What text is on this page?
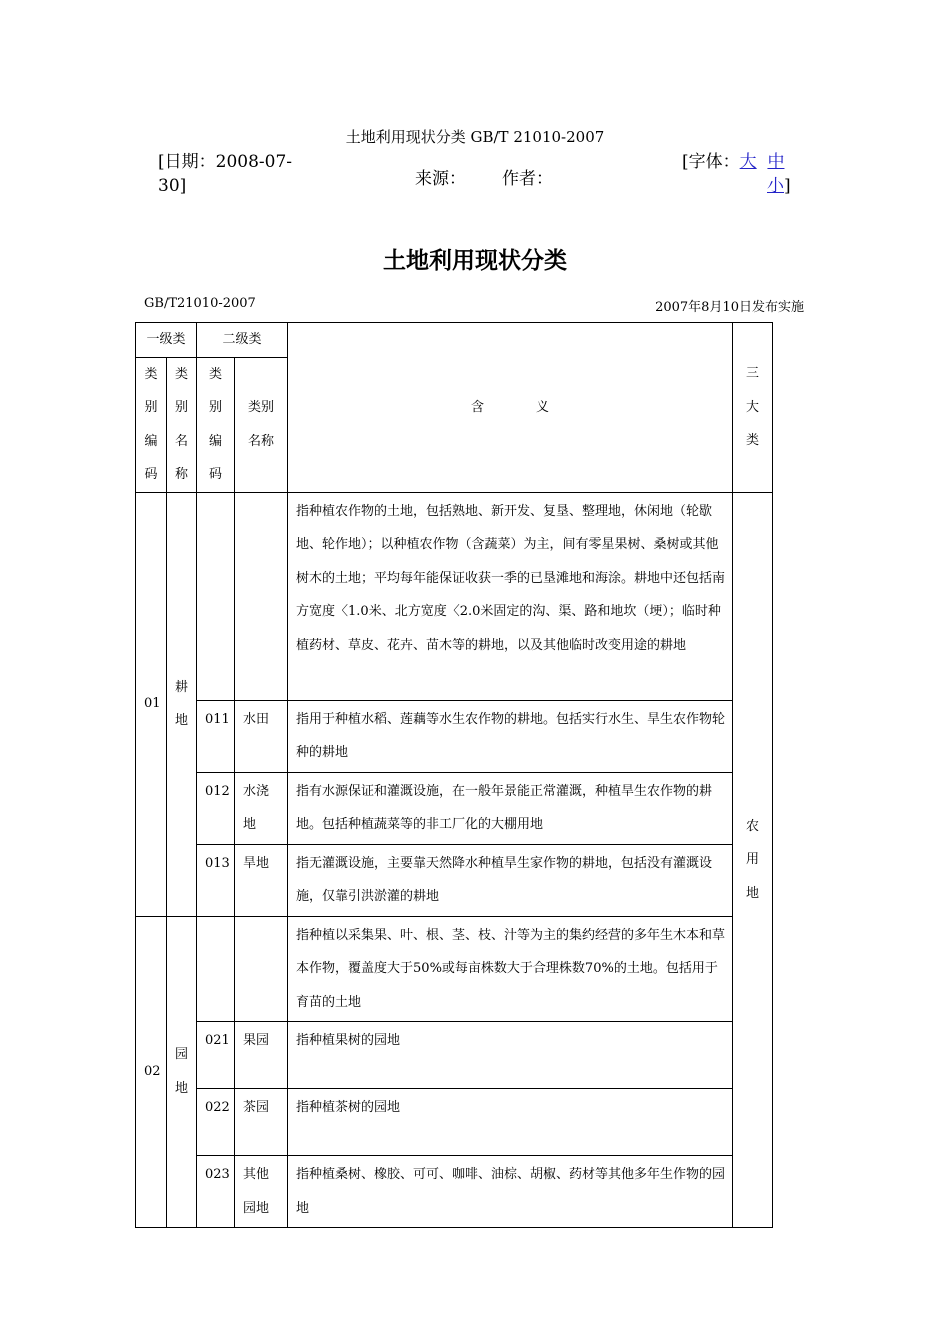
土地利用现状分类 GB/T 21010-2007
[日期：2008-07-
30]	来源： 作者：
[字体：大 中
小]
土地利用现状分类
GB/T21010-2007	2007年8月10日发布实施
一级类		二级类		含　　　　义	三大类
类别编码	类别名称	类别编码	类别名称		
01	耕地			指种植农作物的土地，包括熟地、新开发、复垦、整理地，休闲地（轮歇地、轮作地）；以种植农作物（含蔬菜）为主，间有零星果树、桑树或其他树木的土地；平均每年能保证收获一季的已垦滩地和海涂。耕地中还包括南方宽度〈1.0米、北方宽度〈2.0米固定的沟、渠、路和地坎（埂）；临时种植药材、草皮、花卉、苗木等的耕地，以及其他临时改变用途的耕地	农用地
		011	水田	指用于种植水稻、莲藕等水生农作物的耕地。包括实行水生、旱生农作物轮种的耕地	
		012	水浇地	指有水源保证和灌溉设施，在一般年景能正常灌溉，种植旱生农作物的耕地。包括种植蔬菜等的非工厂化的大棚用地	
		013	旱地	指无灌溉设施，主要靠天然降水种植旱生家作物的耕地，包括没有灌溉设施，仅靠引洪淤灌的耕地	
02	园地			指种植以采集果、叶、根、茎、枝、汁等为主的集约经营的多年生木本和草本作物，覆盖度大于50%或每亩株数大于合理株数70%的土地。包括用于育苗的土地	
		021	果园	指种植果树的园地	
		022	茶园	指种植茶树的园地	
		023	其他园地	指种植桑树、橡胶、可可、咖啡、油棕、胡椒、药材等其他多年生作物的园地	
